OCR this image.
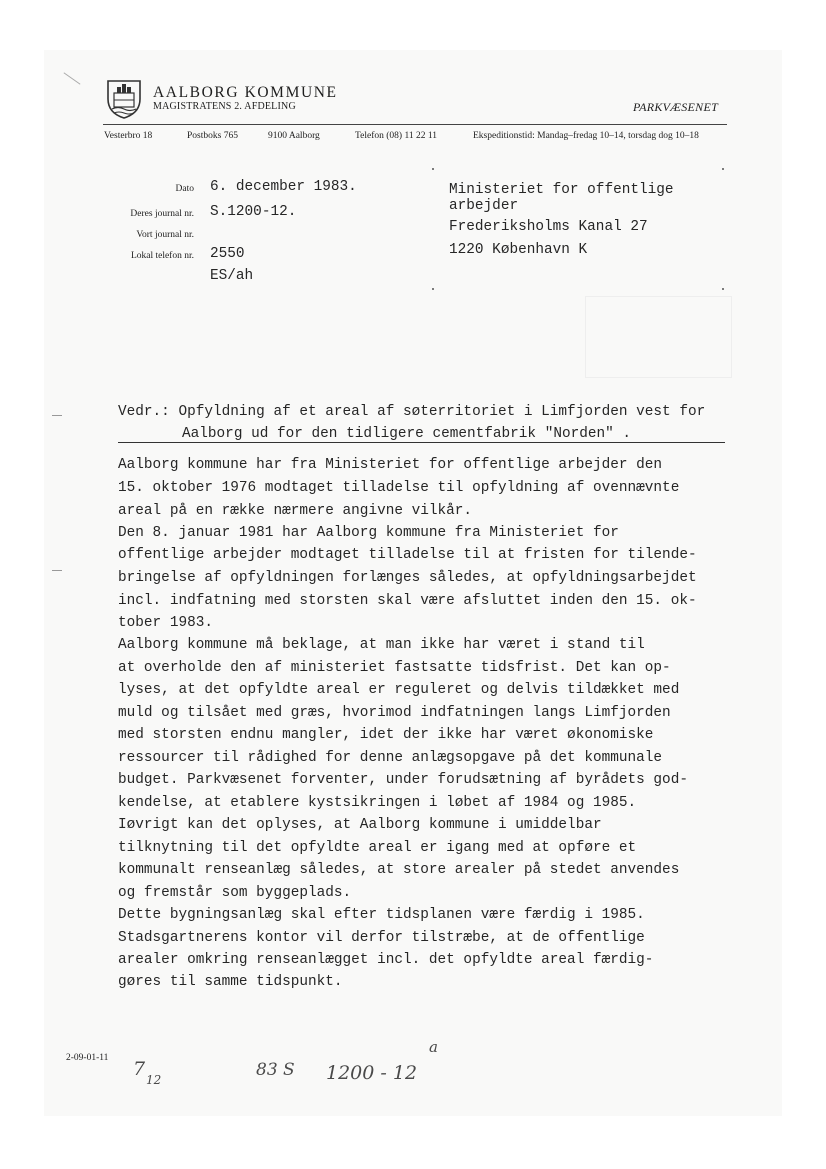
AALBORG KOMMUNE
MAGISTRATENS 2. AFDELING	PARKVÆSENET
Vesterbro 18	Postboks 765	9100 Aalborg	Telefon (08) 11 22 11	Ekspeditionstid: Mandag–fredag 10–14, torsdag dog 10–18
Dato 6. december 1983.
Deres journal nr. S.1200-12.
Vort journal nr.
Lokal telefon nr. 2550
ES/ah
Ministeriet for offentlige
arbejder
Frederiksholms Kanal 27
1220 København K
Vedr.: Opfyldning af et areal af søterritoriet i Limfjorden vest for
Aalborg ud for den tidligere cementfabrik "Norden" .
Aalborg kommune har fra Ministeriet for offentlige arbejder den
15. oktober 1976 modtaget tilladelse til opfyldning af ovennævnte
areal på en række nærmere angivne vilkår.
Den 8. januar 1981 har Aalborg kommune fra Ministeriet for
offentlige arbejder modtaget tilladelse til at fristen for tilende-
bringelse af opfyldningen forlænges således, at opfyldningsarbejdet
incl. indfatning med storsten skal være afsluttet inden den 15. ok-
tober 1983.
Aalborg kommune må beklage, at man ikke har været i stand til
at overholde den af ministeriet fastsatte tidsfrist. Det kan op-
lyses, at det opfyldte areal er reguleret og delvis tildækket med
muld og tilsået med græs, hvorimod indfatningen langs Limfjorden
med storsten endnu mangler, idet der ikke har været økonomiske
ressourcer til rådighed for denne anlægsopgave på det kommunale
budget. Parkvæsenet forventer, under forudsætning af byrådets god-
kendelse, at etablere kystsikringen i løbet af 1984 og 1985.
Iøvrigt kan det oplyses, at Aalborg kommune i umiddelbar
tilknytning til det opfyldte areal er igang med at opføre et
kommunalt renseanlæg således, at store arealer på stedet anvendes
og fremstår som byggeplads.
Dette bygningsanlæg skal efter tidsplanen være færdig i 1985.
Stadsgartnerens kontor vil derfor tilstræbe, at de offentlige
arealer omkring renseanlægget incl. det opfyldte areal færdig-
gøres til samme tidspunkt.
2-09-01-11 7 12	83 S 1200 - 12
a
